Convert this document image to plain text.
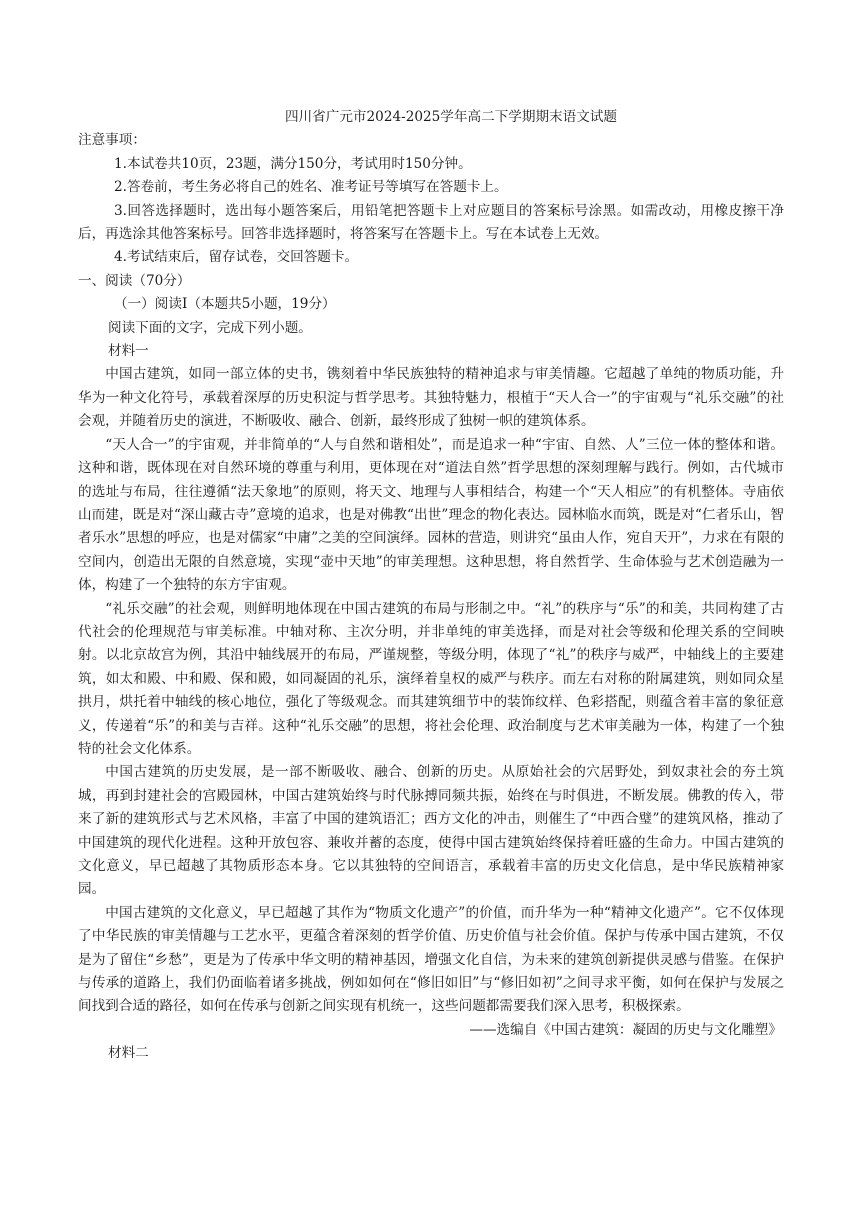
四川省广元市2024-2025学年高二下学期期末语文试题

注意事项：

1.本试卷共10页，23题，满分150分，考试用时150分钟。

2.答卷前，考生务必将自己的姓名、准考证号等填写在答题卡上。

3.回答选择题时，选出每小题答案后，用铅笔把答题卡上对应题目的答案标号涂黑。如需改动，用橡皮擦干净后，再选涂其他答案标号。回答非选择题时，将答案写在答题卡上。写在本试卷上无效。

4.考试结束后，留存试卷，交回答题卡。

一、阅读（70分）

（一）阅读Ⅰ（本题共5小题，19分）

阅读下面的文字，完成下列小题。

材料一

中国古建筑，如同一部立体的史书，镌刻着中华民族独特的精神追求与审美情趣。它超越了单纯的物质功能，升华为一种文化符号，承载着深厚的历史积淀与哲学思考。其独特魅力，根植于“天人合一”的宇宙观与“礼乐交融”的社会观，并随着历史的演进，不断吸收、融合、创新，最终形成了独树一帜的建筑体系。

“天人合一”的宇宙观，并非简单的“人与自然和谐相处”，而是追求一种“宇宙、自然、人”三位一体的整体和谐。这种和谐，既体现在对自然环境的尊重与利用，更体现在对“道法自然”哲学思想的深刻理解与践行。例如，古代城市的选址与布局，往往遵循“法天象地”的原则，将天文、地理与人事相结合，构建一个“天人相应”的有机整体。寺庙依山而建，既是对“深山藏古寺”意境的追求，也是对佛教“出世”理念的物化表达。园林临水而筑，既是对“仁者乐山，智者乐水”思想的呼应，也是对儒家“中庸”之美的空间演绎。园林的营造，则讲究“虽由人作，宛自天开”，力求在有限的空间内，创造出无限的自然意境，实现“壶中天地”的审美理想。这种思想，将自然哲学、生命体验与艺术创造融为一体，构建了一个独特的东方宇宙观。

“礼乐交融”的社会观，则鲜明地体现在中国古建筑的布局与形制之中。“礼”的秩序与“乐”的和美，共同构建了古代社会的伦理规范与审美标准。中轴对称、主次分明，并非单纯的审美选择，而是对社会等级和伦理关系的空间映射。以北京故宫为例，其沿中轴线展开的布局，严谨规整，等级分明，体现了“礼”的秩序与威严，中轴线上的主要建筑，如太和殿、中和殿、保和殿，如同凝固的礼乐，演绎着皇权的威严与秩序。而左右对称的附属建筑，则如同众星拱月，烘托着中轴线的核心地位，强化了等级观念。而其建筑细节中的装饰纹样、色彩搭配，则蕴含着丰富的象征意义，传递着“乐”的和美与吉祥。这种“礼乐交融”的思想，将社会伦理、政治制度与艺术审美融为一体，构建了一个独特的社会文化体系。

中国古建筑的历史发展，是一部不断吸收、融合、创新的历史。从原始社会的穴居野处，到奴隶社会的夯土筑城，再到封建社会的宫殿园林，中国古建筑始终与时代脉搏同频共振，始终在与时俱进，不断发展。佛教的传入，带来了新的建筑形式与艺术风格，丰富了中国的建筑语汇；西方文化的冲击，则催生了“中西合璧”的建筑风格，推动了中国建筑的现代化进程。这种开放包容、兼收并蓄的态度，使得中国古建筑始终保持着旺盛的生命力。中国古建筑的文化意义，早已超越了其物质形态本身。它以其独特的空间语言，承载着丰富的历史文化信息，是中华民族精神家园。

中国古建筑的文化意义，早已超越了其作为“物质文化遗产”的价值，而升华为一种“精神文化遗产”。它不仅体现了中华民族的审美情趣与工艺水平，更蕴含着深刻的哲学价值、历史价值与社会价值。保护与传承中国古建筑，不仅是为了留住“乡愁”，更是为了传承中华文明的精神基因，增强文化自信，为未来的建筑创新提供灵感与借鉴。在保护与传承的道路上，我们仍面临着诸多挑战，例如如何在“修旧如旧”与“修旧如初”之间寻求平衡，如何在保护与发展之间找到合适的路径，如何在传承与创新之间实现有机统一，这些问题都需要我们深入思考，积极探索。

——选编自《中国古建筑：凝固的历史与文化雕塑》

材料二
